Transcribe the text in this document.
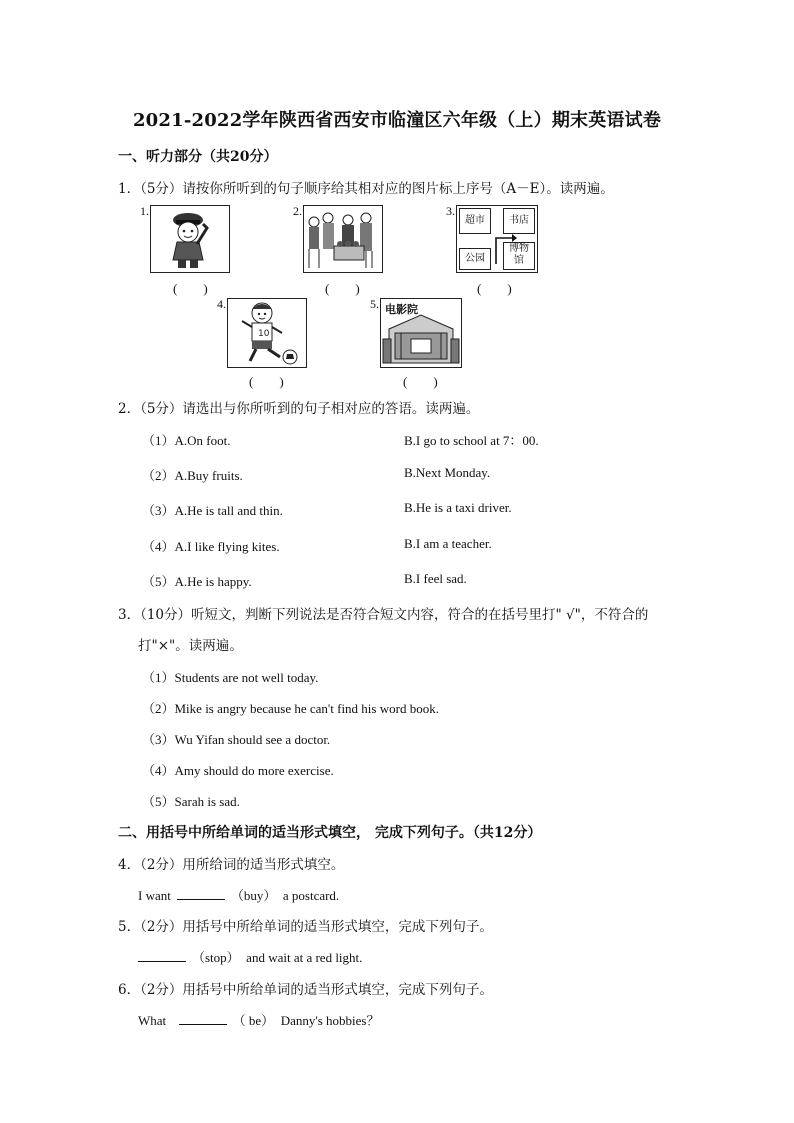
2021-2022学年陕西省西安市临潼区六年级（上）期末英语试卷
一、听力部分（共20分）
1．（5分）请按你所听到的句子顺序给其相对应的图片标上序号（A－E）。读两遍。
1.
(　　)
2.
(　　)
3.
超市	书店
公园
博物
馆
(　　)
4.
10
(　　)
5. 电影院
(　　)
2．（5分）请选出与你所听到的句子相对应的答语。读两遍。
（1）A.On foot.	B.I go to school at 7：00.
（2）A.Buy fruits.	B.Next Monday.
（3）A.He is tall and thin.	B.He is a taxi driver.
（4）A.I like flying kites.	B.I am a teacher.
（5）A.He is happy.	B.I feel sad.
3．（10分）听短文，判断下列说法是否符合短文内容，符合的在括号里打" √"，不符合的
打"×"。读两遍。
（1）Students are not well today.
（2）Mike is angry because he can't find his word book.
（3）Wu Yifan should see a doctor.
（4）Amy should do more exercise.
（5）Sarah is sad.
二、用括号中所给单词的适当形式填空， 完成下列句子。（共12分）
4．（2分）用所给词的适当形式填空。
I want	（buy） a postcard.
5．（2分）用括号中所给单词的适当形式填空，完成下列句子。
（stop） and wait at a red light.
6．（2分）用括号中所给单词的适当形式填空，完成下列句子。
What	（ be） Danny's hobbies？
